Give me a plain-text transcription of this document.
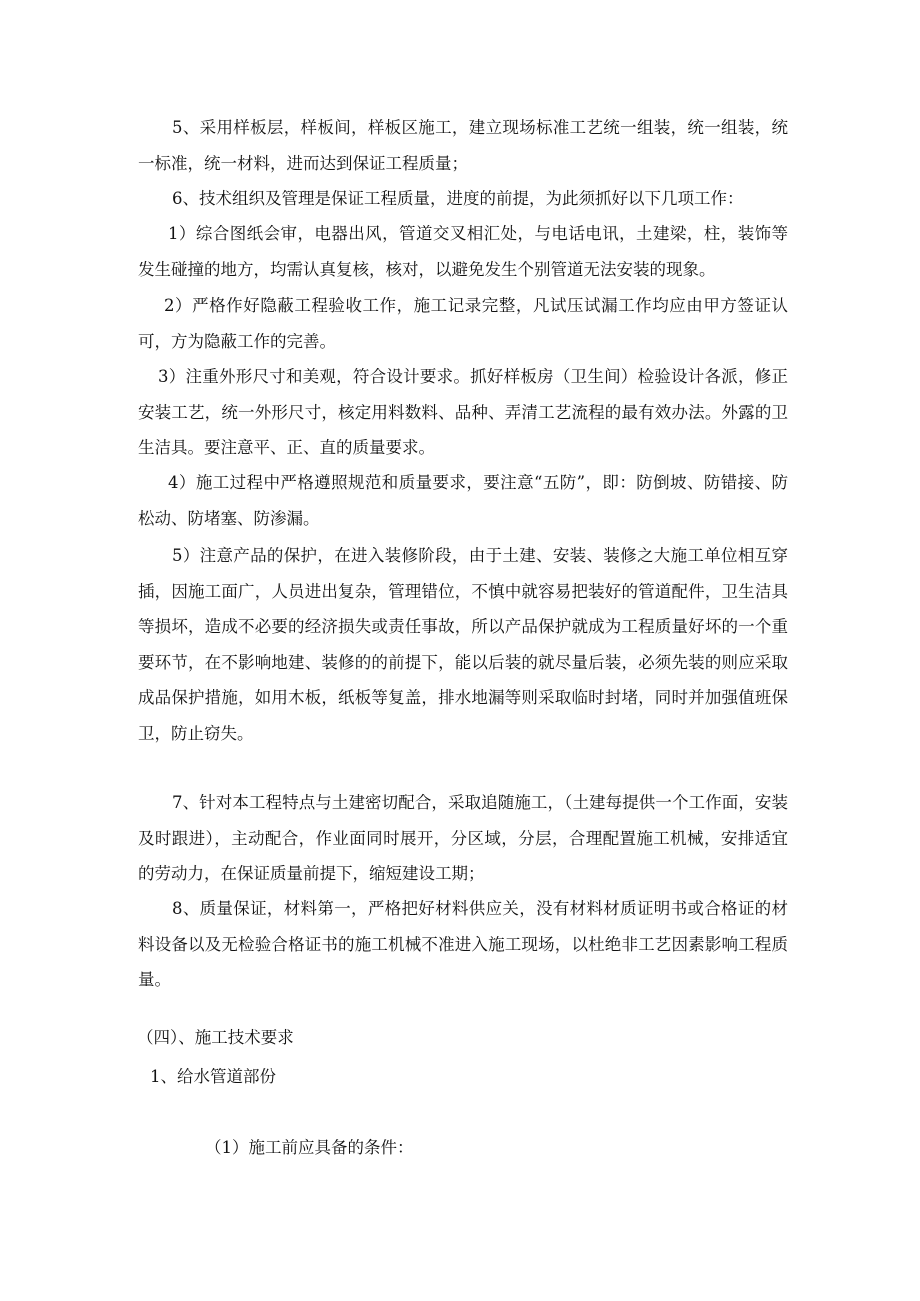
5、采用样板层，样板间，样板区施工，建立现场标准工艺统一组装，统一组装，统一标准，统一材料，进而达到保证工程质量；

6、技术组织及管理是保证工程质量，进度的前提，为此须抓好以下几项工作：

1）综合图纸会审，电器出风，管道交叉相汇处，与电话电讯，土建梁，柱，装饰等发生碰撞的地方，均需认真复核，核对，以避免发生个别管道无法安装的现象。

2）严格作好隐蔽工程验收工作，施工记录完整，凡试压试漏工作均应由甲方签证认可，方为隐蔽工作的完善。

3）注重外形尺寸和美观，符合设计要求。抓好样板房（卫生间）检验设计各派，修正安装工艺，统一外形尺寸，核定用料数料、品种、弄清工艺流程的最有效办法。外露的卫生洁具。要注意平、正、直的质量要求。

4）施工过程中严格遵照规范和质量要求，要注意“五防”，即：防倒坡、防错接、防松动、防堵塞、防渗漏。

5）注意产品的保护，在进入装修阶段，由于土建、安装、装修之大施工单位相互穿插，因施工面广，人员进出复杂，管理错位，不慎中就容易把装好的管道配件，卫生洁具等损坏，造成不必要的经济损失或责任事故，所以产品保护就成为工程质量好坏的一个重要环节，在不影响地建、装修的的前提下，能以后装的就尽量后装，必须先装的则应采取成品保护措施，如用木板，纸板等复盖，排水地漏等则采取临时封堵，同时并加强值班保卫，防止窃失。

7、针对本工程特点与土建密切配合，采取追随施工，（土建每提供一个工作面，安装及时跟进），主动配合，作业面同时展开，分区域，分层，合理配置施工机械，安排适宜的劳动力，在保证质量前提下，缩短建设工期；

8、质量保证，材料第一，严格把好材料供应关，没有材料材质证明书或合格证的材料设备以及无检验合格证书的施工机械不准进入施工现场，以杜绝非工艺因素影响工程质量。

（四）、施工技术要求

1、给水管道部份

（1）施工前应具备的条件：
